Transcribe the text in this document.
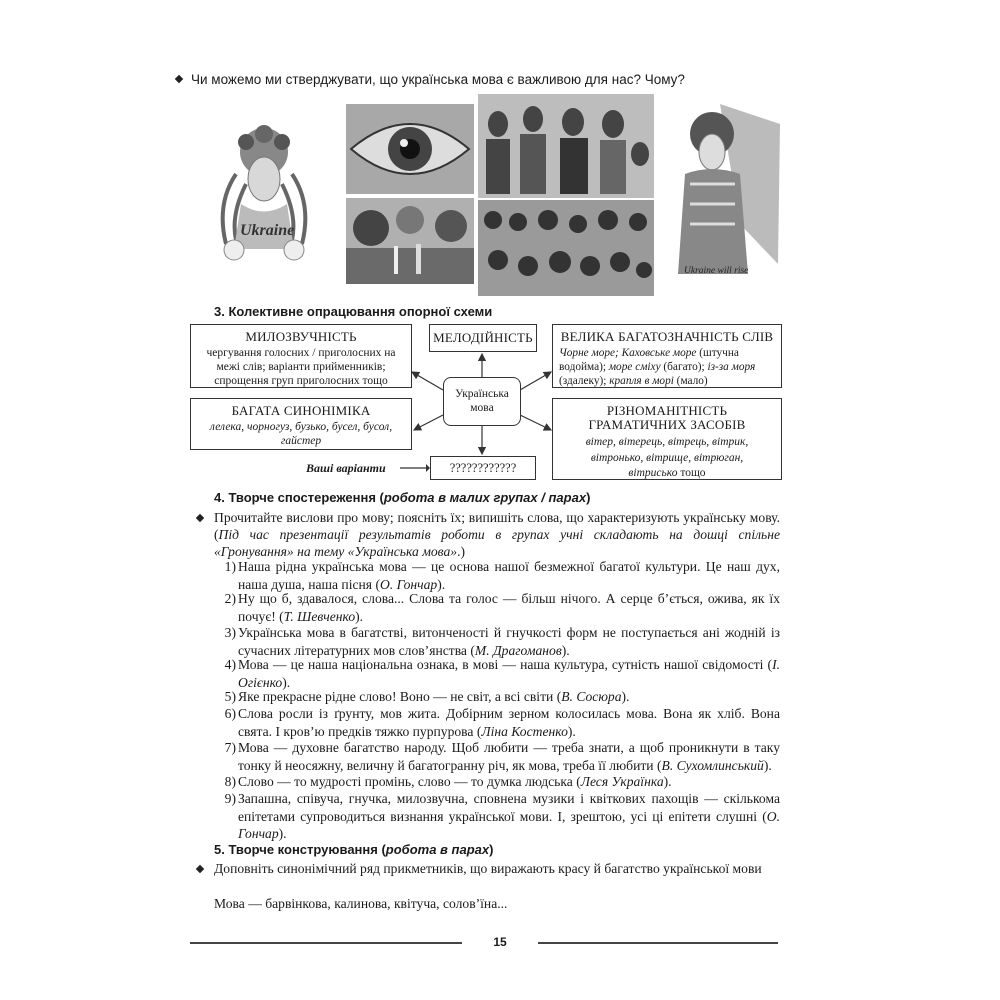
Чи можемо ми стверджувати, що українська мова є важливою для нас? Чому?
Ukraine
Ukraine will rise
3. Колективне опрацювання опорної схеми
МЕЛОДІЙНІСТЬ
МИЛОЗВУЧНІСТЬ
чергування голосних / приголосних на межі слів; варіанти прийменників; спрощення груп приголосних тощо
БАГАТА СИНОНІМІКА
лелека, чорногуз, бузько, бусел, бусол, гайстер
Українська мова
ВЕЛИКА БАГАТОЗНАЧНІСТЬ СЛІВ
Чорне море; Каховське море (штучна водойма); море сміху (багато); із-за моря (здалеку); крапля в морі (мало)
РІЗНОМАНІТНІСТЬ ГРАМАТИЧНИХ ЗАСОБІВ
вітер, вітерець, вітрець, вітрик, вітронько, вітрище, вітрюган, вітрисько тощо
Ваші варіанти	????????????
4. Творче спостереження (робота в малих групах / парах)
Прочитайте вислови про мову; поясніть їх; випишіть слова, що характеризують українську мову. (Під час презентації результатів роботи в групах учні складають на дошці спільне «Гронування» на тему «Українська мова».)
1) Наша рідна українська мова — це основа нашої безмежної багатої культури. Це наш дух, наша душа, наша пісня (О. Гончар).
2) Ну що б, здавалося, слова... Слова та голос — більш нічого. А серце б’ється, ожива, як їх почує! (Т. Шевченко).
3) Українська мова в багатстві, витонченості й гнучкості форм не поступається ані жодній із сучасних літературних мов слов’янства (М. Драгоманов).
4) Мова — це наша національна ознака, в мові — наша культура, сутність нашої свідомості (І. Огієнко).
5) Яке прекрасне рідне слово! Воно — не світ, а всі світи (В. Сосюра).
6) Слова росли із ґрунту, мов жита. Добірним зерном колосилась мова. Вона як хліб. Вона свята. І кров’ю предків тяжко пурпурова (Ліна Костенко).
7) Мова — духовне багатство народу. Щоб любити — треба знати, а щоб проникнути в таку тонку й неосяжну, величну й багатогранну річ, як мова, треба її любити (В. Сухомлинський).
8) Слово — то мудрості промінь, слово — то думка людська (Леся Українка).
9) Запашна, співуча, гнучка, милозвучна, сповнена музики і квіткових пахощів — скількома епітетами супроводиться визнання української мови. І, зрештою, усі ці епітети слушні (О. Гончар).
5. Творче конструювання (робота в парах)
Доповніть синонімічний ряд прикметників, що виражають красу й багатство української мови
Мова — барвінкова, калинова, квітуча, солов’їна...
15
